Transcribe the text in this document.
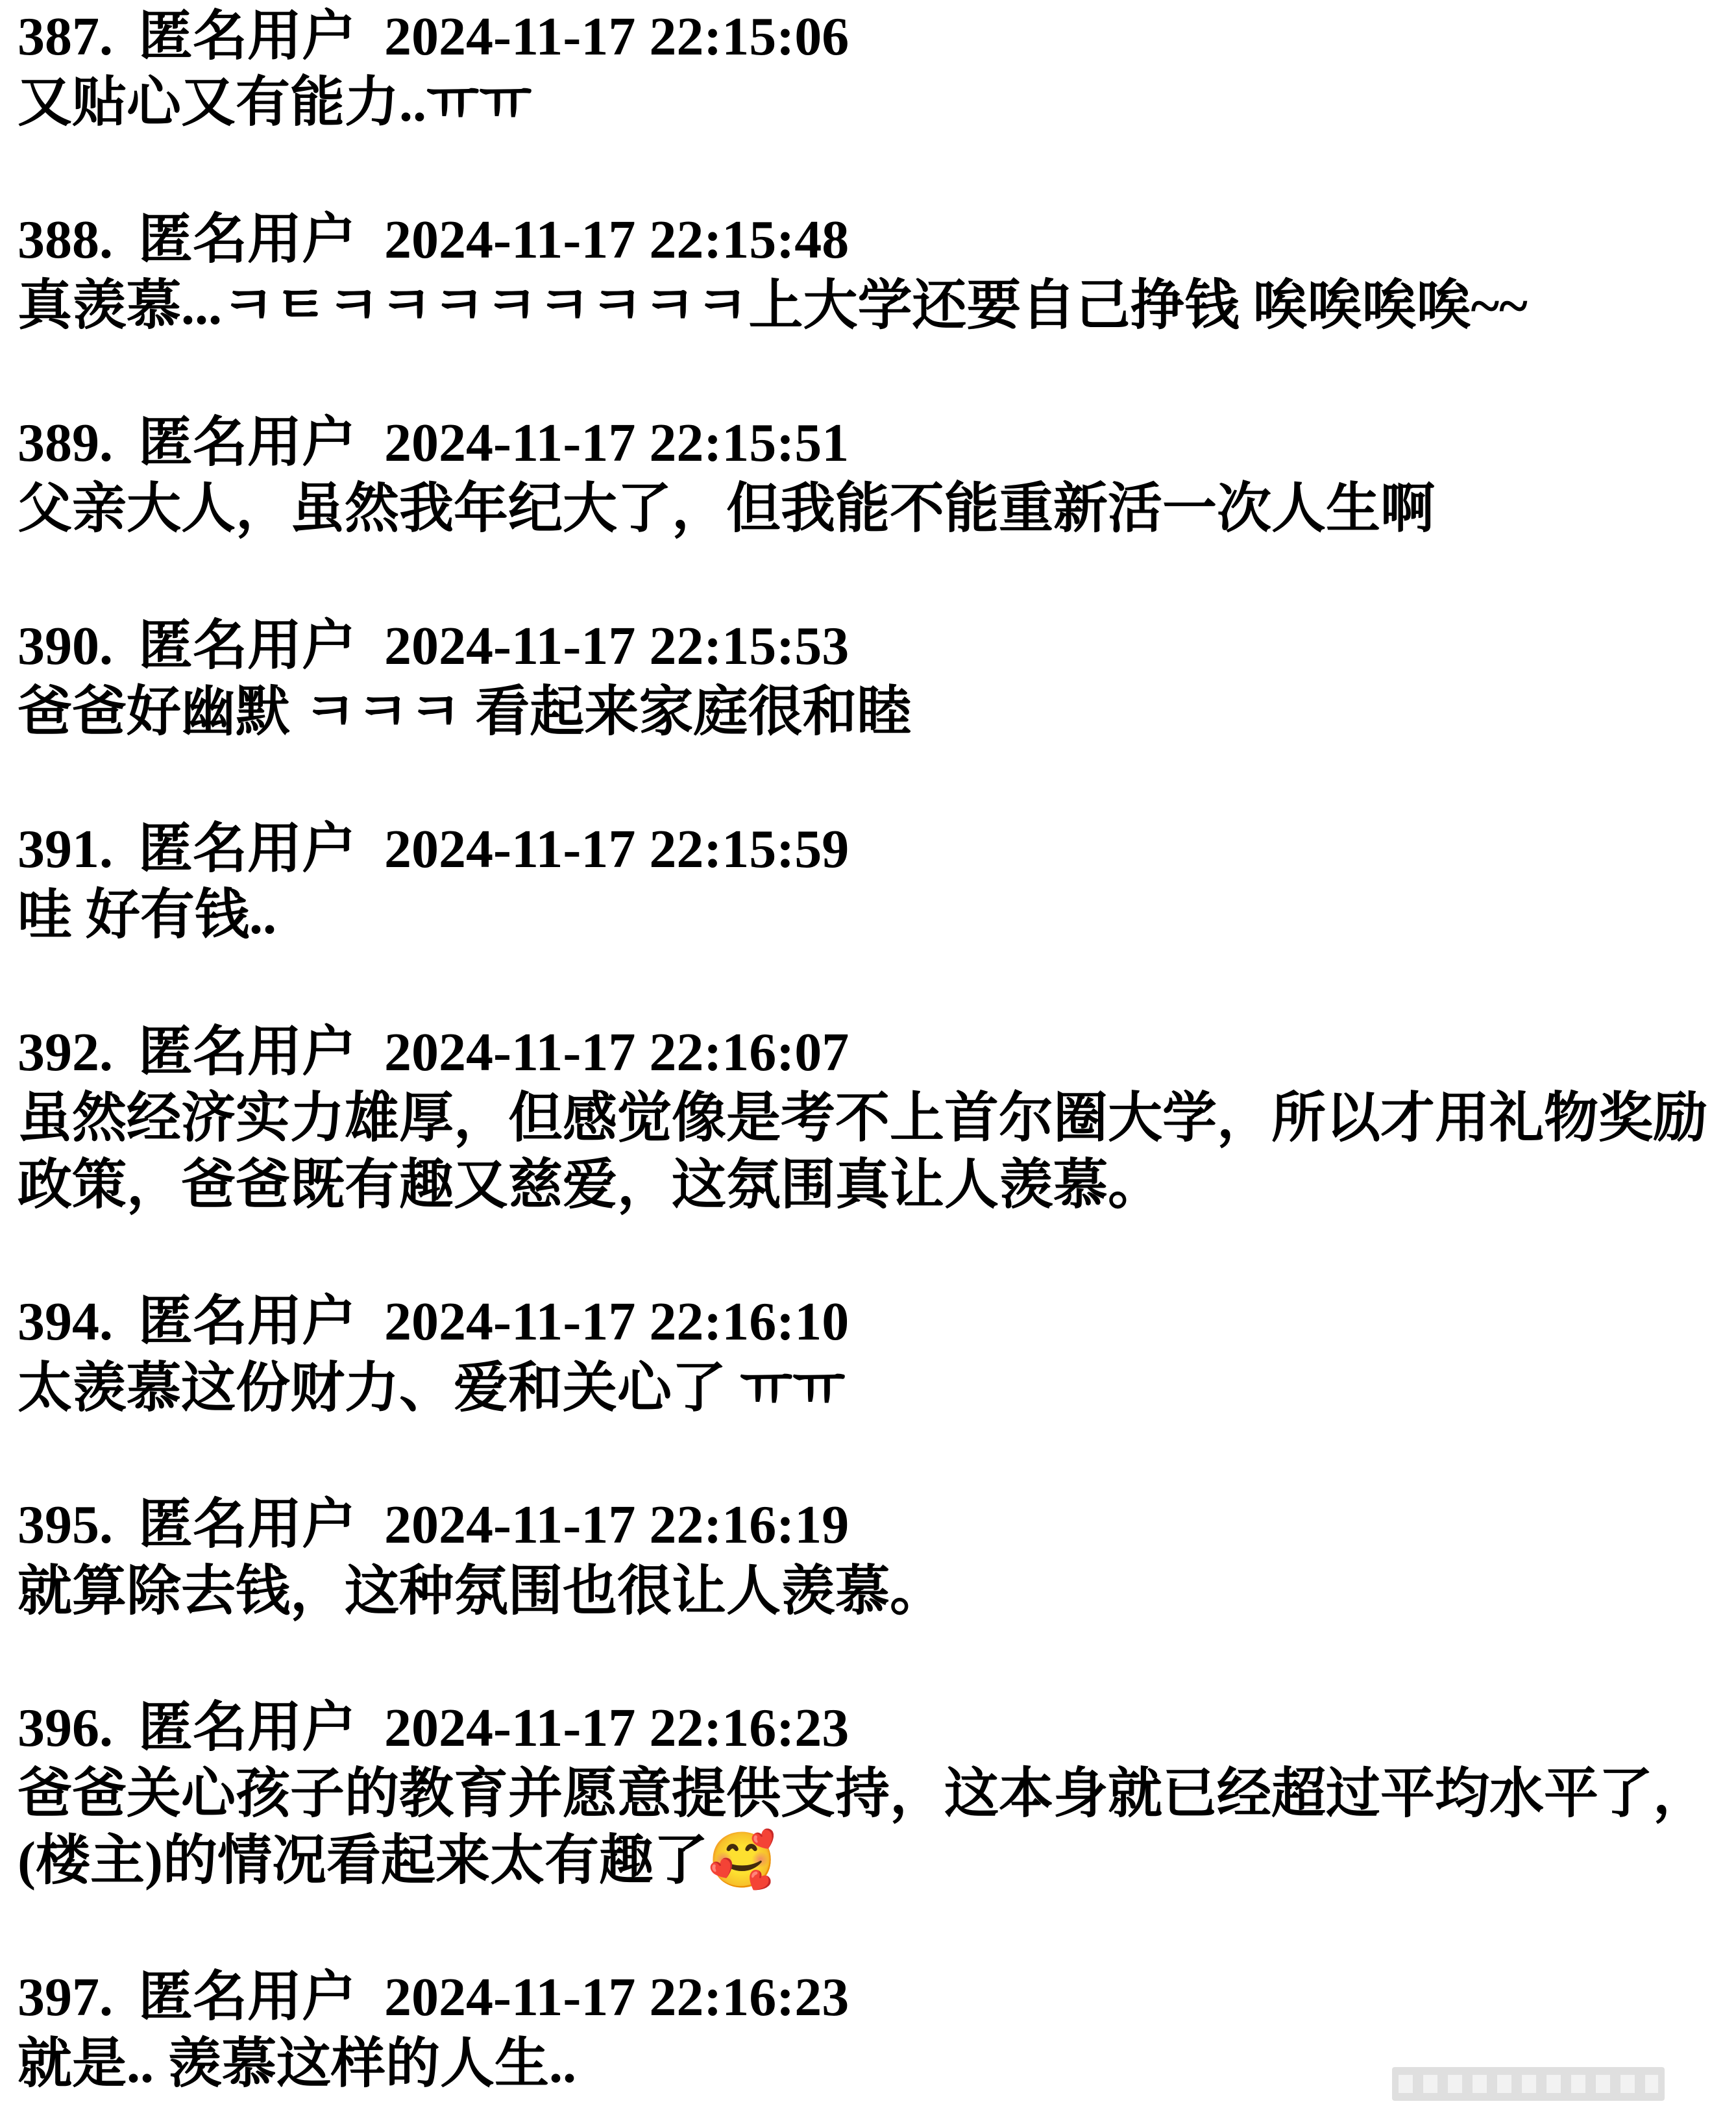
387. 匿名用户 2024-11-17 22:15:06
又贴心又有能力..ㅠㅠ
388. 匿名用户 2024-11-17 22:15:48
真羡慕...ㅋㅌㅋㅋㅋㅋㅋㅋㅋㅋ上大学还要自己挣钱 唉唉唉唉~~
389. 匿名用户 2024-11-17 22:15:51
父亲大人，虽然我年纪大了，但我能不能重新活一次人生啊
390. 匿名用户 2024-11-17 22:15:53
爸爸好幽默 ㅋㅋㅋ 看起来家庭很和睦
391. 匿名用户 2024-11-17 22:15:59
哇 好有钱..
392. 匿名用户 2024-11-17 22:16:07
虽然经济实力雄厚，但感觉像是考不上首尔圈大学，所以才用礼物奖励政策，爸爸既有趣又慈爱，这氛围真让人羡慕。
394. 匿名用户 2024-11-17 22:16:10
太羡慕这份财力、爱和关心了 ㅠㅠ
395. 匿名用户 2024-11-17 22:16:19
就算除去钱，这种氛围也很让人羡慕。
396. 匿名用户 2024-11-17 22:16:23
爸爸关心孩子的教育并愿意提供支持，这本身就已经超过平均水平了，(楼主)的情况看起来太有趣了🥰
397. 匿名用户 2024-11-17 22:16:23
就是.. 羡慕这样的人生..
